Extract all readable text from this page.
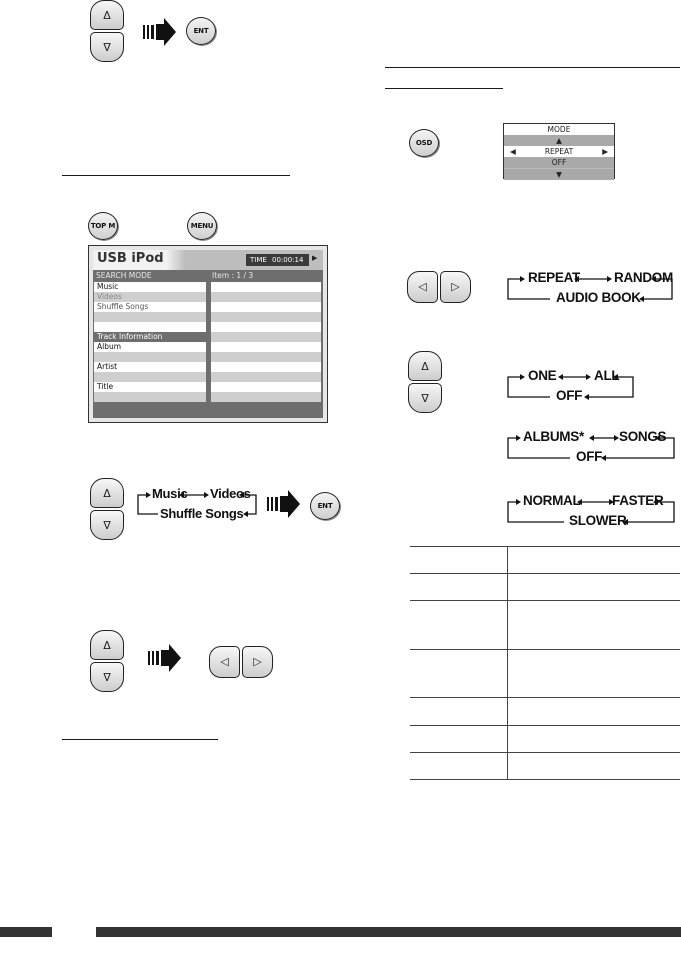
Δ
∇
ENT
OSD
MODE
▲
◀	REPEAT	▶
OFF
▼
TOP M	MENU
USB iPod	TIME 00:00:14 ▶
SEARCH MODE	Item : 1 / 3
Music
Videos
Shuffle Songs
Track Information
Album
Artist
Title
◁	▷
REPEAT	RANDOM
AUDIO BOOK
Δ
∇
ONE	ALL
OFF
ALBUMS*	SONGS
OFF
NORMAL FASTER
SLOWER
Δ
∇
Music Videos
Shuffle Songs	ENT
Δ
∇
◁	▷
